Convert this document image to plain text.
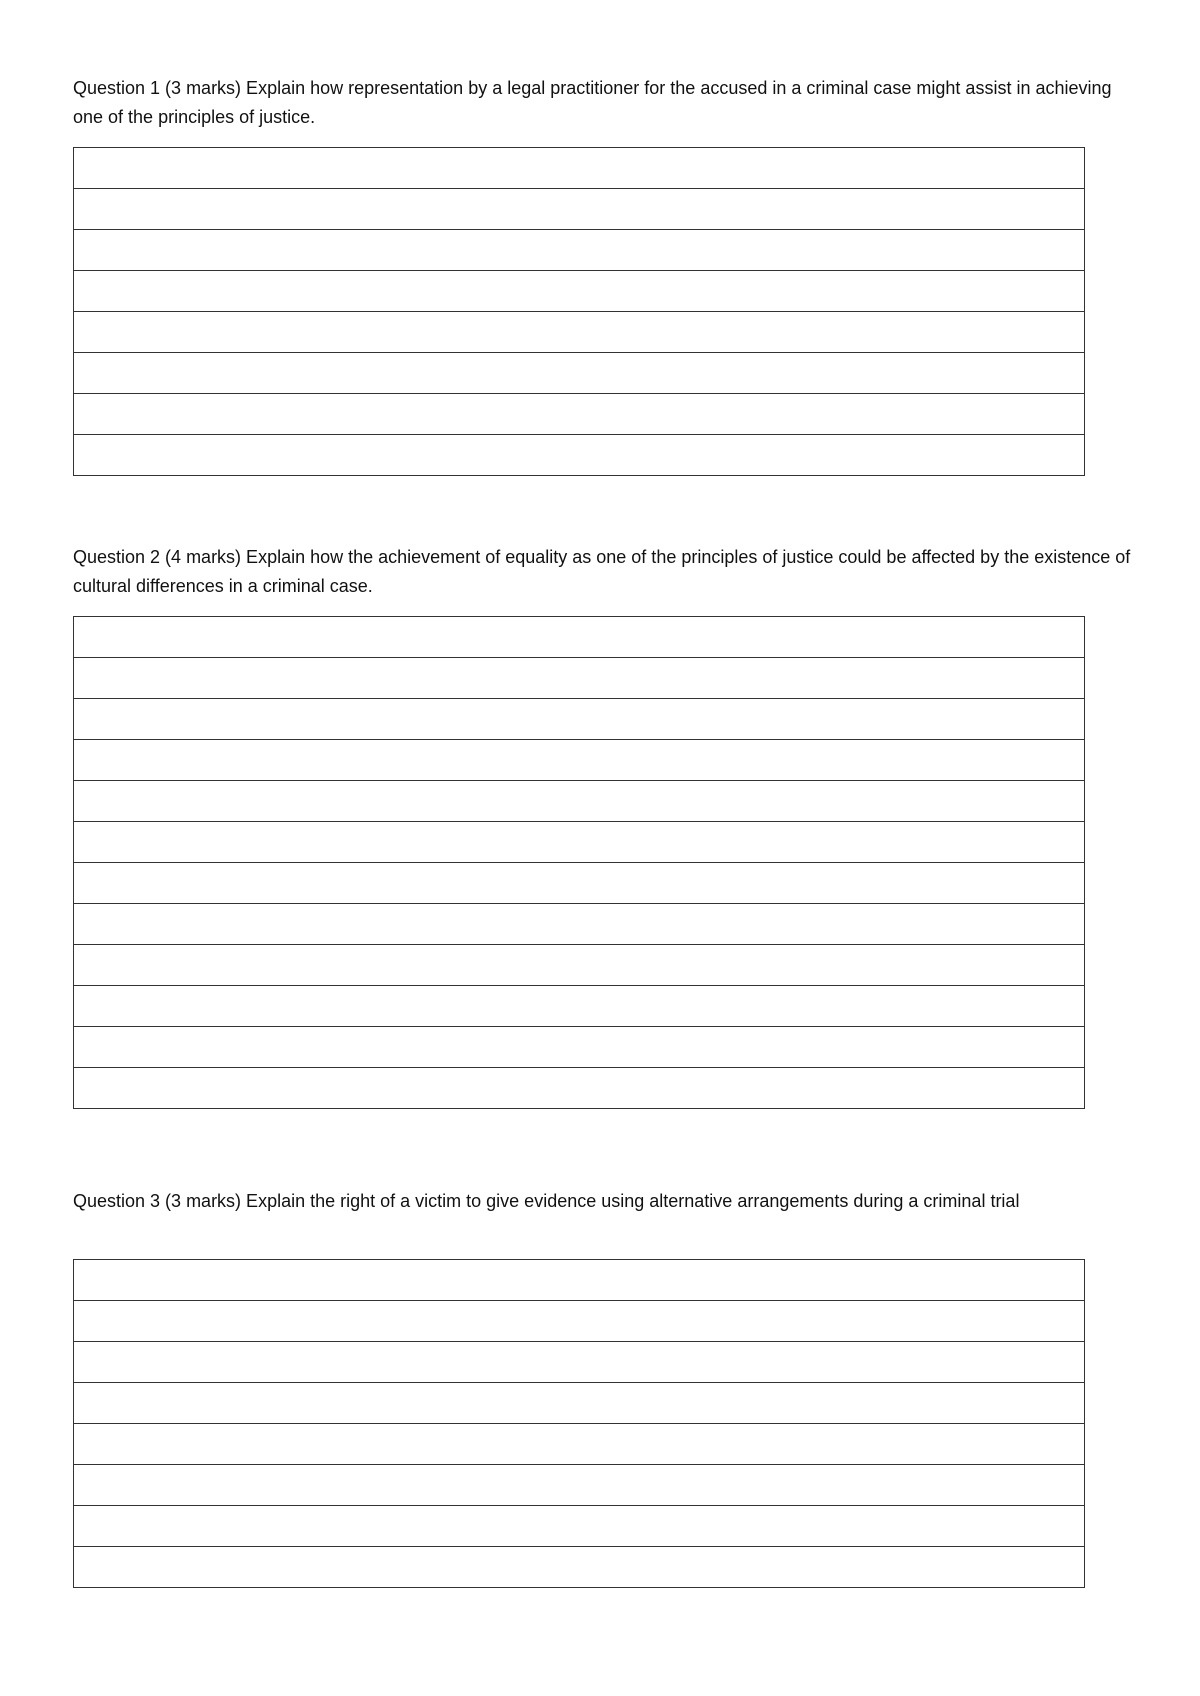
Question 1 (3 marks) Explain how representation by a legal practitioner for the accused in a criminal case might assist in achieving one of the principles of justice.

Question 2 (4 marks) Explain how the achievement of equality as one of the principles of justice could be affected by the existence of cultural differences in a criminal case.

Question 3 (3 marks) Explain the right of a victim to give evidence using alternative arrangements during a criminal trial
